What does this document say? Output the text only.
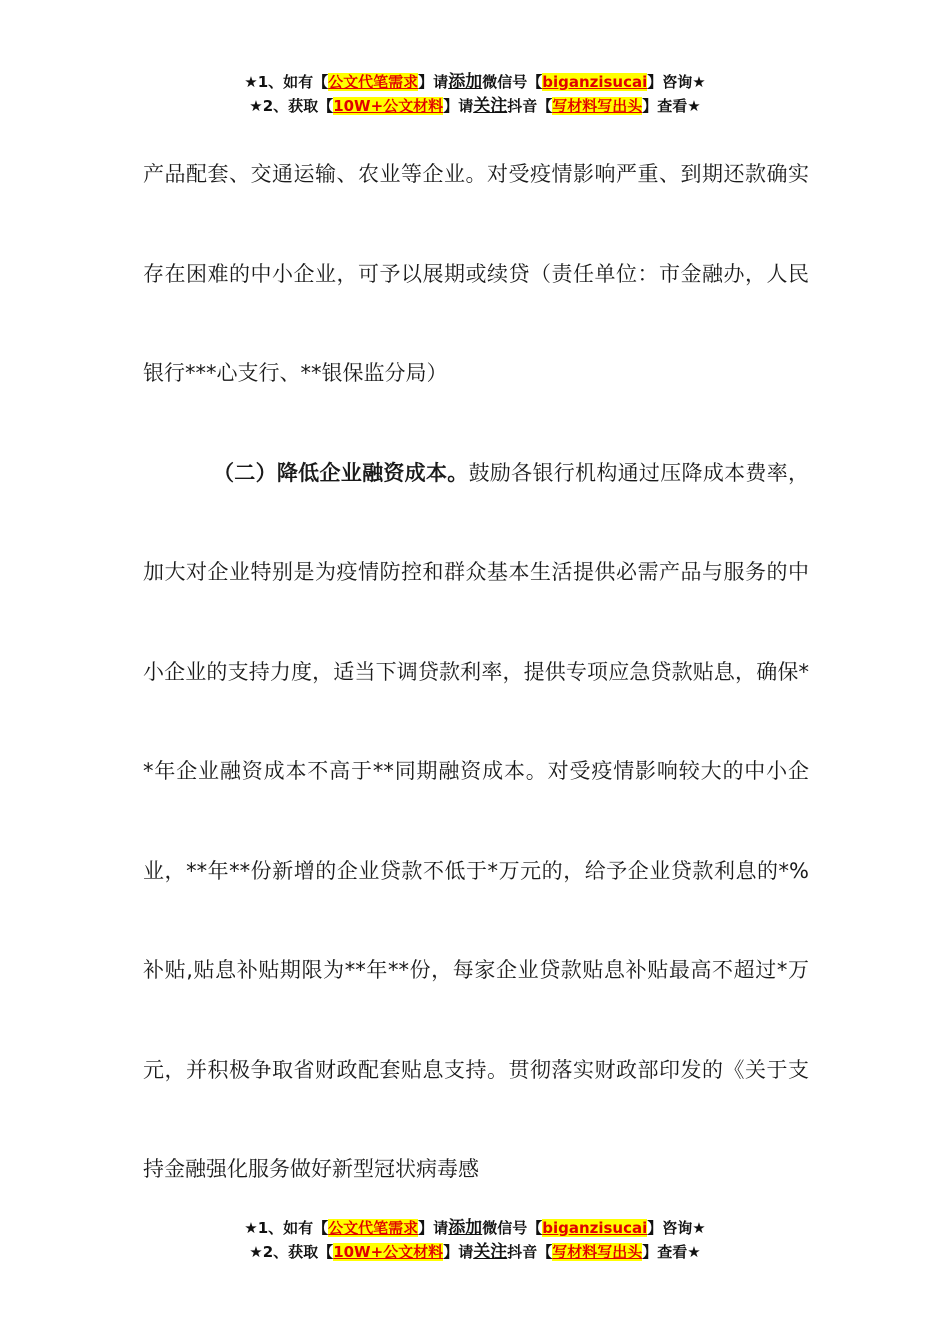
★1、如有【公文代笔需求】请添加微信号【biganzisucai】咨询★
★2、获取【10W+公文材料】请关注抖音【写材料写出头】查看★

产品配套、交通运输、农业等企业。对受疫情影响严重、到期还款确实存在困难的中小企业，可予以展期或续贷（责任单位：市金融办，人民银行***心支行、**银保监分局）

（二）降低企业融资成本。鼓励各银行机构通过压降成本费率，加大对企业特别是为疫情防控和群众基本生活提供必需产品与服务的中小企业的支持力度，适当下调贷款利率，提供专项应急贷款贴息，确保**年企业融资成本不高于**同期融资成本。对受疫情影响较大的中小企业，**年**份新增的企业贷款不低于*万元的，给予企业贷款利息的*%补贴,贴息补贴期限为**年**份，每家企业贷款贴息补贴最高不超过*万元，并积极争取省财政配套贴息支持。贯彻落实财政部印发的《关于支持金融强化服务做好新型冠状病毒感

★1、如有【公文代笔需求】请添加微信号【biganzisucai】咨询★
★2、获取【10W+公文材料】请关注抖音【写材料写出头】查看★
